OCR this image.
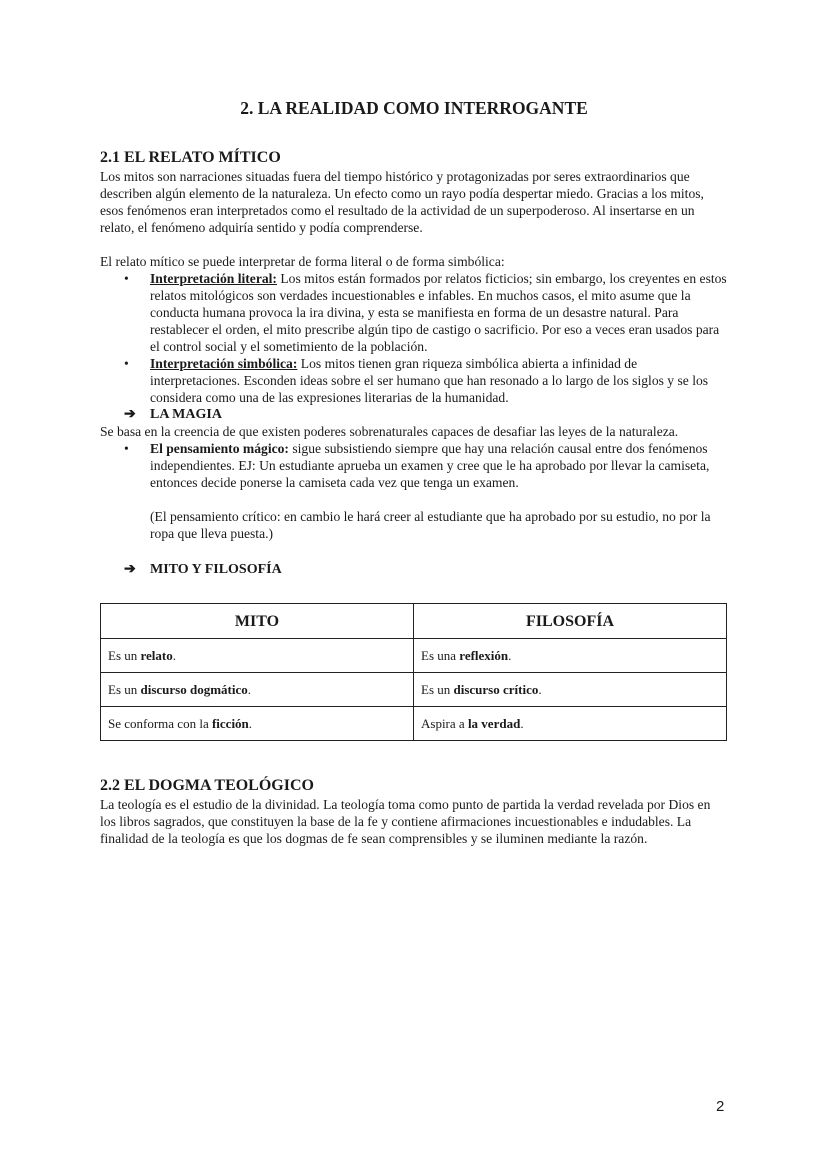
2. LA REALIDAD COMO INTERROGANTE
2.1 EL RELATO MÍTICO

Los mitos son narraciones situadas fuera del tiempo histórico y protagonizadas por seres extraordinarios que describen algún elemento de la naturaleza. Un efecto como un rayo podía despertar miedo. Gracias a los mitos, esos fenómenos eran interpretados como el resultado de la actividad de un superpoderoso. Al insertarse en un relato, el fenómeno adquiría sentido y podía comprenderse.

El relato mítico se puede interpretar de forma literal o de forma simbólica:

• Interpretación literal: Los mitos están formados por relatos ficticios; sin embargo, los creyentes en estos relatos mitológicos son verdades incuestionables e infables. En muchos casos, el mito asume que la conducta humana provoca la ira divina, y esta se manifiesta en forma de un desastre natural. Para restablecer el orden, el mito prescribe algún tipo de castigo o sacrificio. Por eso a veces eran usados para el control social y el sometimiento de la población.
• Interpretación simbólica: Los mitos tienen gran riqueza simbólica abierta a infinidad de interpretaciones. Esconden ideas sobre el ser humano que han resonado a lo largo de los siglos y se los considera como una de las expresiones literarias de la humanidad.
➔ LA MAGIA

Se basa en la creencia de que existen poderes sobrenaturales capaces de desafiar las leyes de la naturaleza.

• El pensamiento mágico: sigue subsistiendo siempre que hay una relación causal entre dos fenómenos independientes. EJ: Un estudiante aprueba un examen y cree que le ha aprobado por llevar la camiseta, entonces decide ponerse la camiseta cada vez que tenga un examen.

(El pensamiento crítico: en cambio le hará creer al estudiante que ha aprobado por su estudio, no por la ropa que lleva puesta.)

➔ MITO Y FILOSOFÍA
MITO	FILOSOFÍA
Es un relato.	Es una reflexión.
Es un discurso dogmático.	Es un discurso crítico.
Se conforma con la ficción.	Aspira a la verdad.
2.2 EL DOGMA TEOLÓGICO

La teología es el estudio de la divinidad. La teología toma como punto de partida la verdad revelada por Dios en los libros sagrados, que constituyen la base de la fe y contiene afirmaciones incuestionables e indudables. La finalidad de la teología es que los dogmas de fe sean comprensibles y se iluminen mediante la razón.

2
